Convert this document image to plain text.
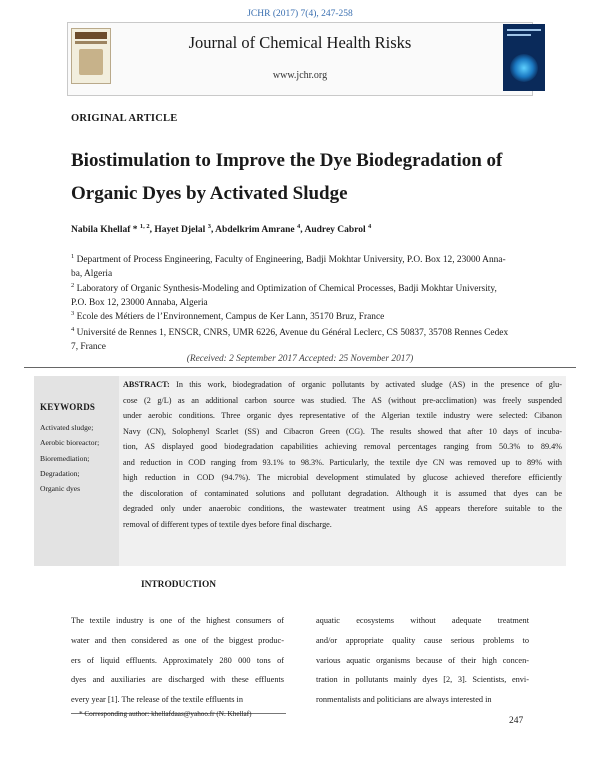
JCHR (2017) 7(4), 247-258
Journal of Chemical Health Risks
www.jchr.org
ORIGINAL ARTICLE
Biostimulation to Improve the Dye Biodegradation of
Organic Dyes by Activated Sludge
Nabila Khellaf * $^{1, 2}$, Hayet Djelal $^3$, Abdelkrim Amrane $^4$, Audrey Cabrol $^4$
$^1$ Department of Process Engineering, Faculty of Engineering, Badji Mokhtar University, P.O. Box 12, 23000 Anna-
ba, Algeria
$^2$ Laboratory of Organic Synthesis-Modeling and Optimization of Chemical Processes, Badji Mokhtar University,
P.O. Box 12, 23000 Annaba, Algeria
$^3$ Ecole des Métiers de l’Environnement, Campus de Ker Lann, 35170 Bruz, France
$^4$ Université de Rennes 1, ENSCR, CNRS, UMR 6226, Avenue du Général Leclerc, CS 50837, 35708 Rennes Cedex
7, France
(Received: 2 September 2017 Accepted: 25 November 2017)
KEYWORDS
Activated sludge;
Aerobic bioreactor;
Bioremediation;
Degradation;
Organic dyes
ABSTRACT: In this work, biodegradation of organic pollutants by activated sludge (AS) in the presence of glu-
cose (2 g/L) as an additional carbon source was studied. The AS (without pre-acclimation) was freely suspended
under aerobic conditions. Three organic dyes representative of the Algerian textile industry were selected: Cibanon
Navy (CN), Solophenyl Scarlet (SS) and Cibacron Green (CG). The results showed that after 10 days of incuba-
tion, AS displayed good biodegradation capabilities achieving removal percentages ranging from 50.3% to 89.4%
and reduction in COD ranging from 93.1% to 98.3%. Particularly, the textile dye CN was removed up to 89% with
high reduction in COD (94.7%). The microbial development stimulated by glucose achieved therefore efficiently
the discoloration of contaminated solutions and pollutant degradation. Although it is assumed that dyes can be
degraded only under anaerobic conditions, the wastewater treatment using AS appears therefore suitable to the
removal of different types of textile dyes before final discharge.
INTRODUCTION
The textile industry is one of the highest consumers of
water and then considered as one of the biggest produc-
ers of liquid effluents. Approximately 280 000 tons of
dyes and auxiliaries are discharged with these effluents
every year [1]. The release of the textile effluents in
aquatic ecosystems without adequate treatment
and/or appropriate quality cause serious problems to
various aquatic organisms because of their high concen-
tration in pollutants mainly dyes [2, 3]. Scientists, envi-
ronmentalists and politicians are always interested in
* Corresponding author: khellafdaas@yahoo.fr (N. Khellaf)
247
